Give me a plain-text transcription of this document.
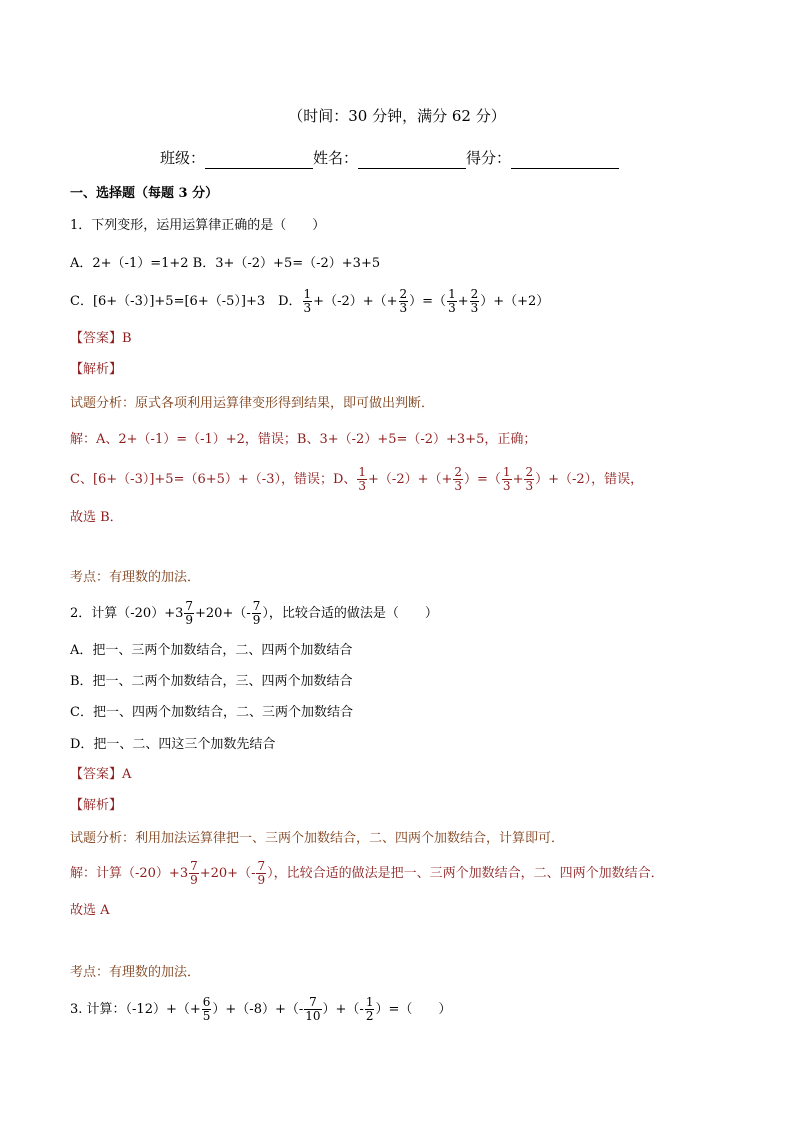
（时间：30 分钟，满分 62 分）
班级：	姓名：	得分：
一、选择题（每题 3 分）
1．下列变形，运用运算律正确的是（　　）
A．2+（-1）=1+2 B．3+（-2）+5=（-2）+3+5
C．[6+（-3）]+5=[6+（-5）]+3　D． $\frac{1}{3} +(-2)+(+ \frac{2}{3}$ ）=（ $\frac{1}{3} + \frac{2}{3} )+(+2)$
【答案】B
【解析】
试题分析：原式各项利用运算律变形得到结果，即可做出判断．
解：A、2+（-1）=（-1）+2，错误；B、3+（-2）+5=（-2）+3+5，正确；
C、[6+（-3）]+5=（6+5）+（-3），错误；D、 $\frac{1}{3} +(-2)+(+ \frac{2}{3}$ ）=（ $\frac{1}{3} + \frac{2}{3} )+(-2)$，错误，
故选 B．
考点：有理数的加法．
2．计算$(-20)+3 \frac{7}{9} +20+(- \frac{7}{9}$ ），比较合适的做法是（　　）
A．把一、三两个加数结合，二、四两个加数结合
B．把一、二两个加数结合，三、四两个加数结合
C．把一、四两个加数结合，二、三两个加数结合
D．把一、二、四这三个加数先结合
【答案】A
【解析】
试题分析：利用加法运算律把一、三两个加数结合，二、四两个加数结合，计算即可．
解：计算$(-20)+3 \frac{7}{9} +20+(- \frac{7}{9}$ ），比较合适的做法是把一、三两个加数结合，二、四两个加数结合．
故选 A
考点：有理数的加法．
3. 计算：$(-12)+(+ \frac{6}{5} )+(-8)+(- \frac{7}{10}$ ）+（- $\frac{1}{2}$ ）=（　　）
